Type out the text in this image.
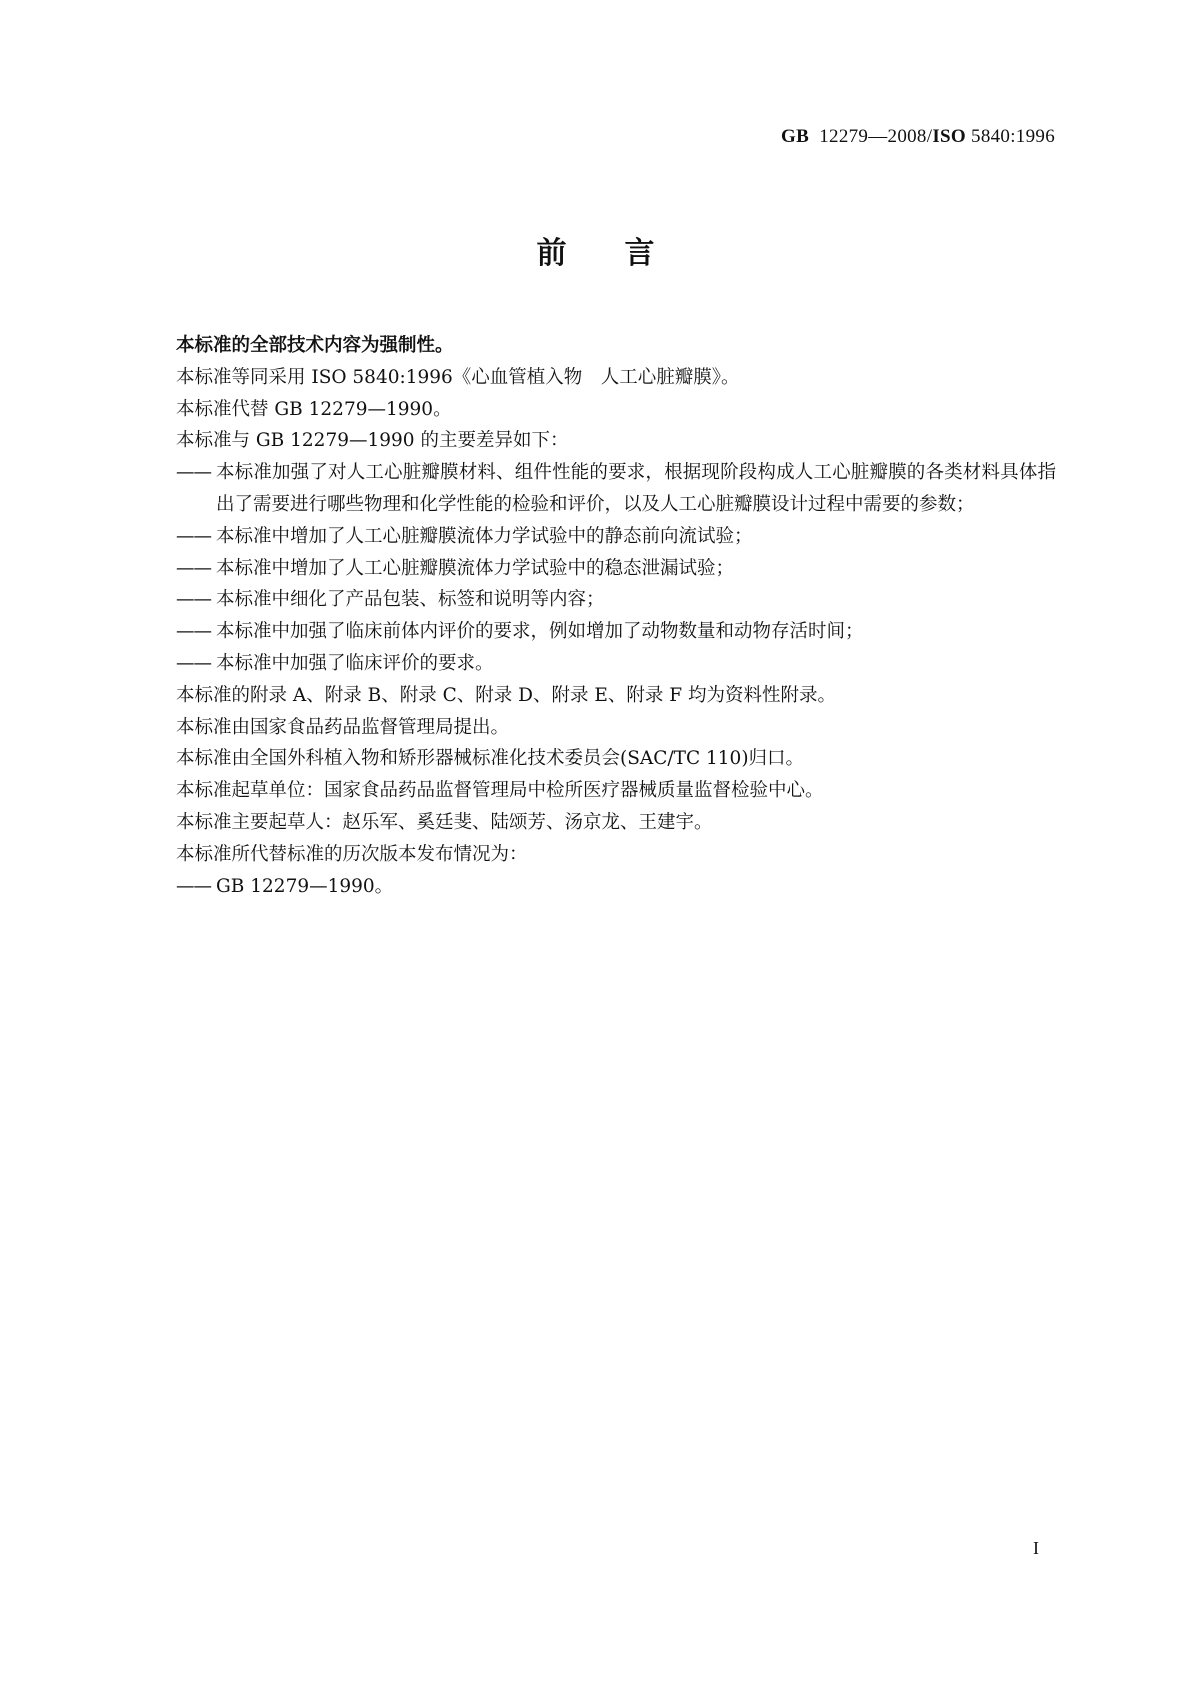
GB 12279—2008/ISO 5840:1996
前言

本标准的全部技术内容为强制性。

本标准等同采用 ISO 5840:1996《心血管植入物　人工心脏瓣膜》。

本标准代替 GB 12279—1990。

本标准与 GB 12279—1990 的主要差异如下：

—— 本标准加强了对人工心脏瓣膜材料、组件性能的要求，根据现阶段构成人工心脏瓣膜的各类材料具体指出了需要进行哪些物理和化学性能的检验和评价，以及人工心脏瓣膜设计过程中需要的参数；
—— 本标准中增加了人工心脏瓣膜流体力学试验中的静态前向流试验；
—— 本标准中增加了人工心脏瓣膜流体力学试验中的稳态泄漏试验；
—— 本标准中细化了产品包装、标签和说明等内容；
—— 本标准中加强了临床前体内评价的要求，例如增加了动物数量和动物存活时间；
—— 本标准中加强了临床评价的要求。

本标准的附录 A、附录 B、附录 C、附录 D、附录 E、附录 F 均为资料性附录。

本标准由国家食品药品监督管理局提出。

本标准由全国外科植入物和矫形器械标准化技术委员会(SAC/TC 110)归口。

本标准起草单位：国家食品药品监督管理局中检所医疗器械质量监督检验中心。

本标准主要起草人：赵乐军、奚廷斐、陆颂芳、汤京龙、王建宇。

本标准所代替标准的历次版本发布情况为：

—— GB 12279—1990。
I
